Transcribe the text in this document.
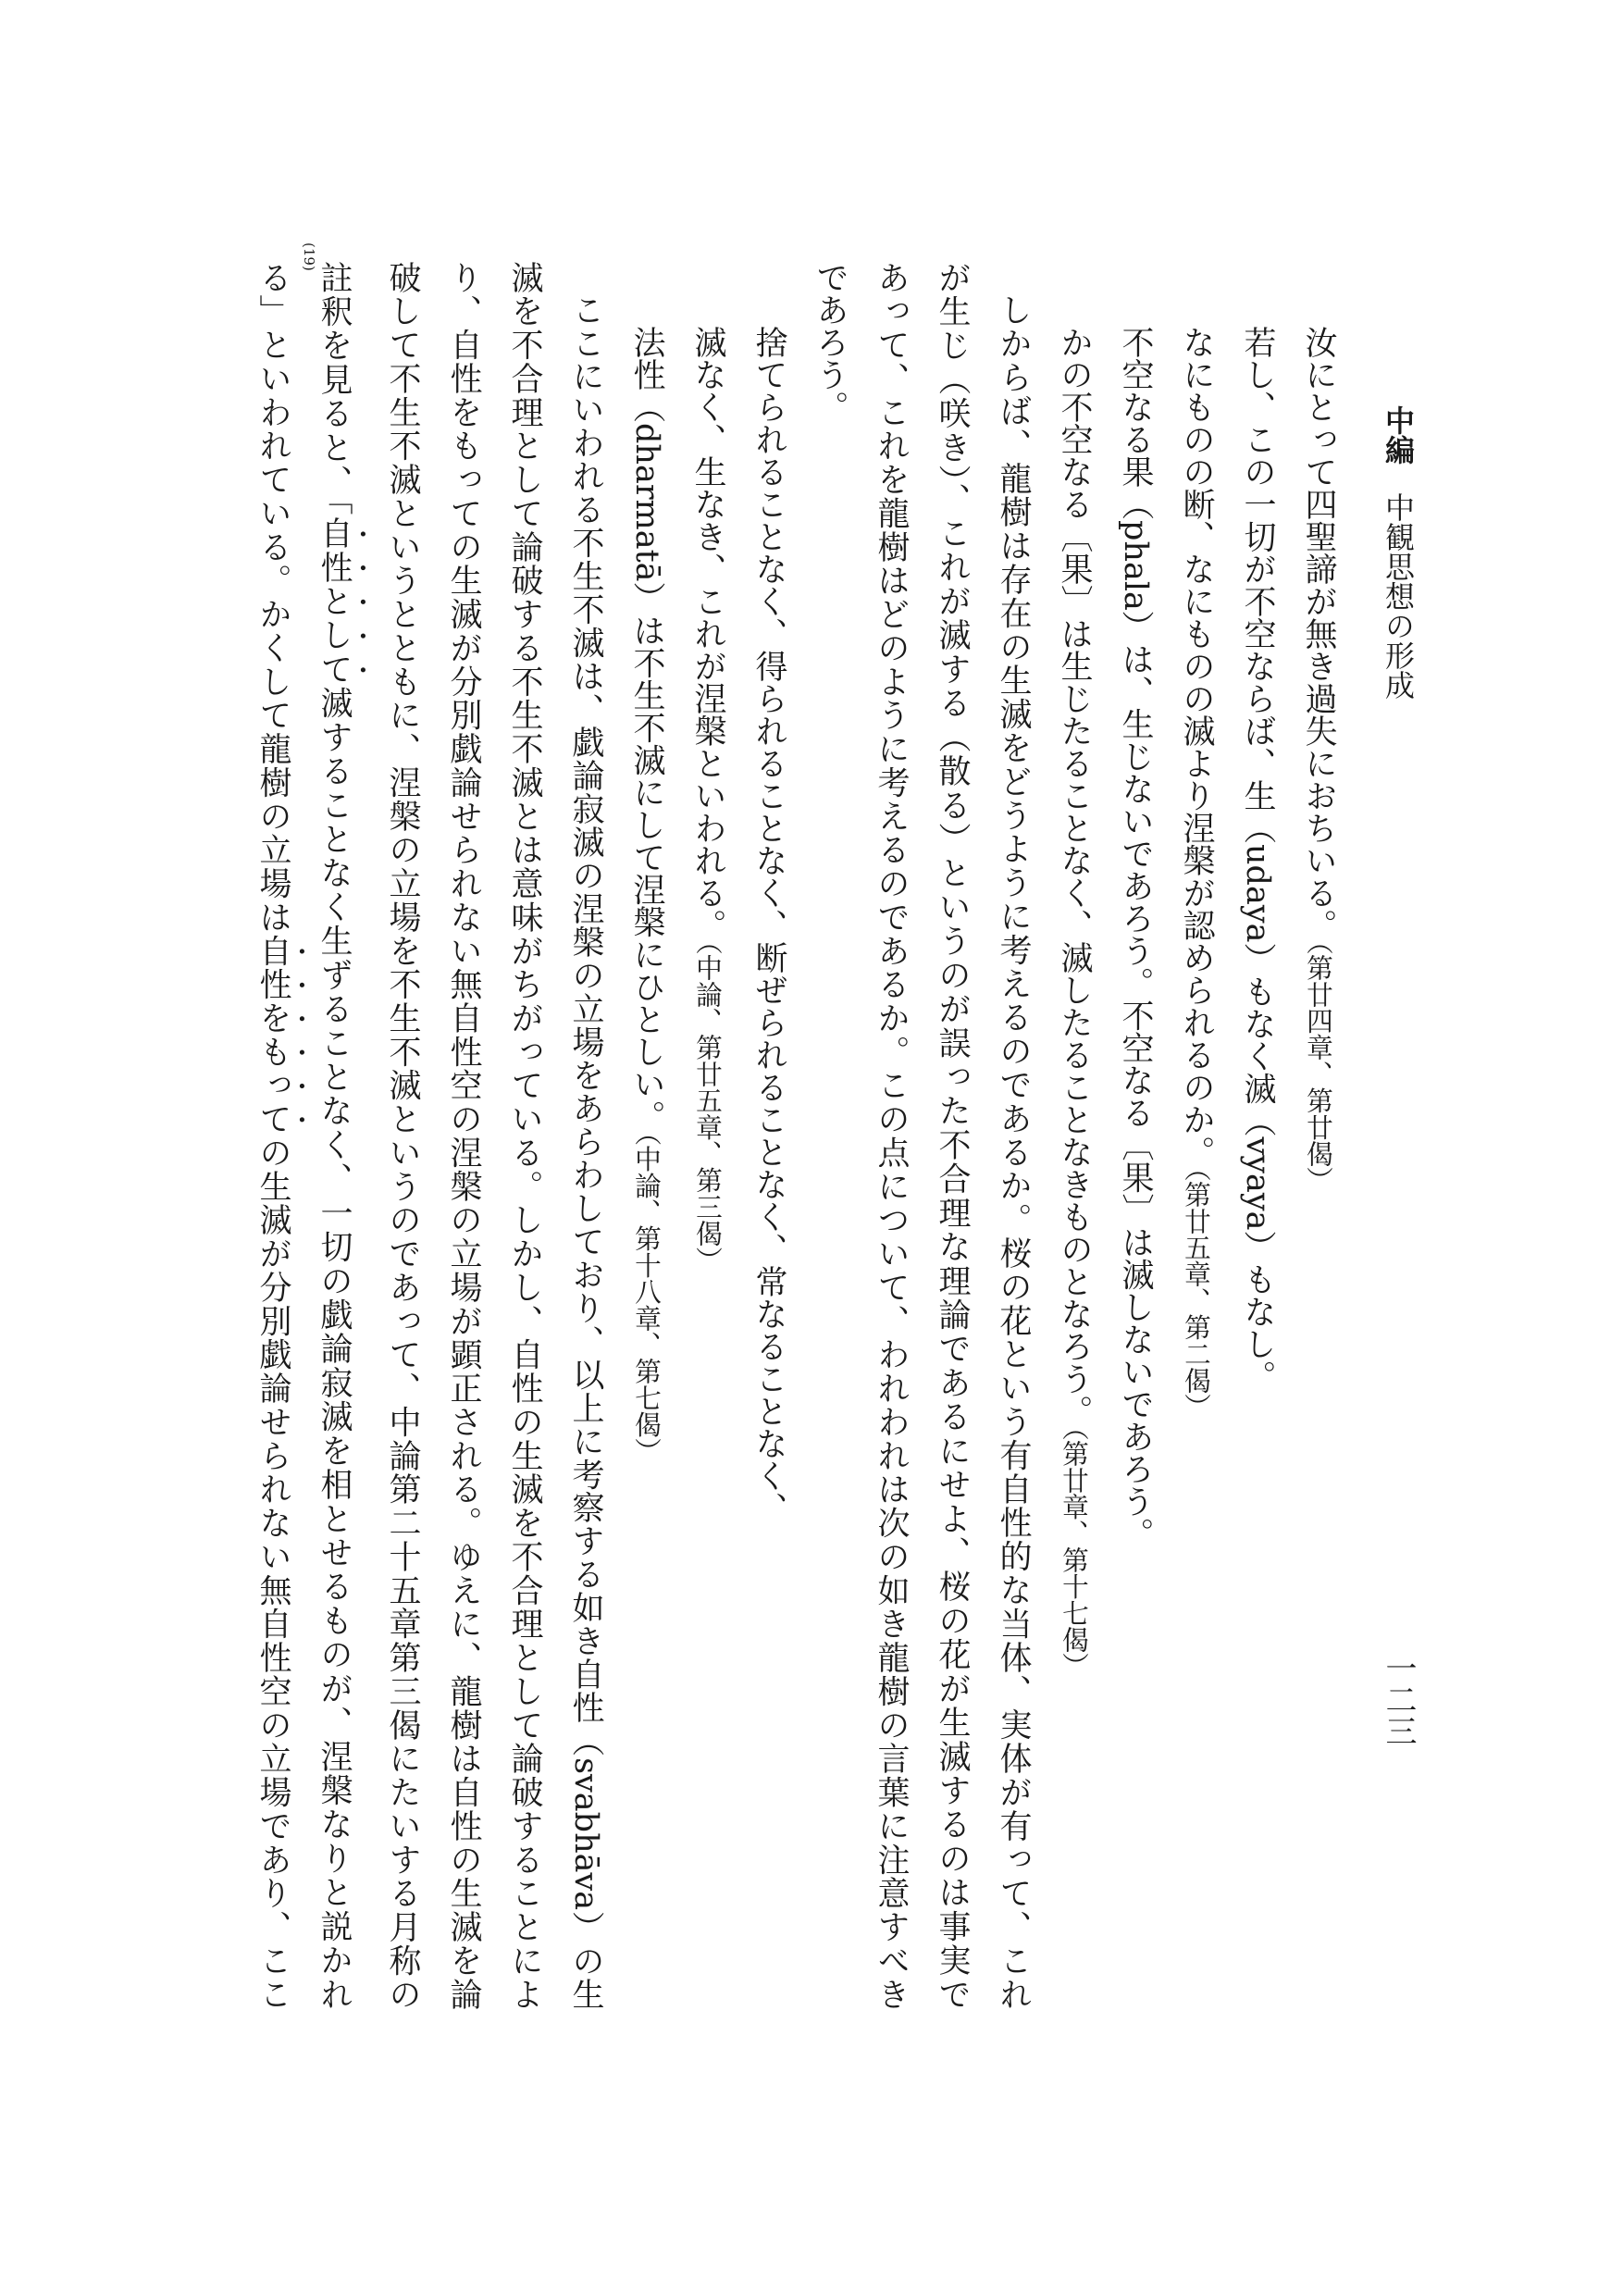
中編
中観思想の形成
一二三
汝にとって四聖諦が無き過失におちいる。（第廿四章、第廿偈）
若し、この一切が不空ならば、生（udaya）もなく滅（vyaya）もなし。
なにものの断、なにものの滅より涅槃が認められるのか。（第廿五章、第二偈）
不空なる果（phala）は、生じないであろう。不空なる〔果〕は滅しないであろう。
かの不空なる〔果〕は生じたることなく、滅したることなきものとなろう。（第廿章、第十七偈）
しからば、龍樹は存在の生滅をどうように考えるのであるか。桜の花という有自性的な当体、実体が有って、これ
が生じ（咲き）、これが滅する（散る）というのが誤った不合理な理論であるにせよ、桜の花が生滅するのは事実で
あって、これを龍樹はどのように考えるのであるか。この点について、われわれは次の如き龍樹の言葉に注意すべき
であろう。
捨てられることなく、得られることなく、断ぜられることなく、常なることなく、
滅なく、生なき、これが涅槃といわれる。（中論、第廿五章、第三偈）
法性（dharmatā）は不生不滅にして涅槃にひとしい。（中論、第十八章、第七偈）
ここにいわれる不生不滅は、戯論寂滅の涅槃の立場をあらわしており、以上に考察する如き自性（svabhāva）の生
滅を不合理として論破する不生不滅とは意味がちがっている。しかし、自性の生滅を不合理として論破することによ
り、自性をもっての生滅が分別戯論せられない無自性空の涅槃の立場が顕正される。ゆえに、龍樹は自性の生滅を論
破して不生不滅というとともに、涅槃の立場を不生不滅というのであって、中論第二十五章第三偈にたいする月称の
註釈を見ると、「自性として滅することなく生ずることなく、一切の戯論寂滅を相とせるものが、涅槃なりと説かれ
る」といわれている。かくして龍樹の立場は自性をもっての生滅が分別戯論せられない無自性空の立場であり、ここ
(19)
